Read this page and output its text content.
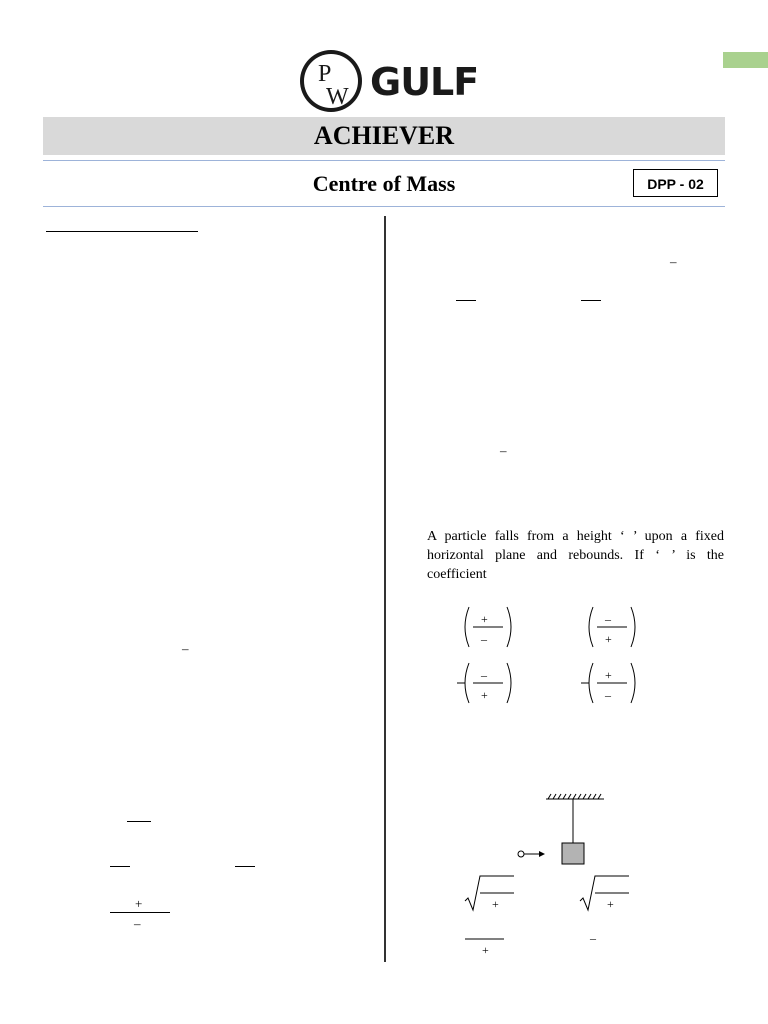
P
W GULF
ACHIEVER
Centre of Mass	DPP - 02
–
+
–
–
–
A particle falls from a height ‘ ’ upon a fixed horizontal plane and rebounds. If ‘ ’ is the coefficient
+
–
–
+
–
+
+
–
+	+
+
–
